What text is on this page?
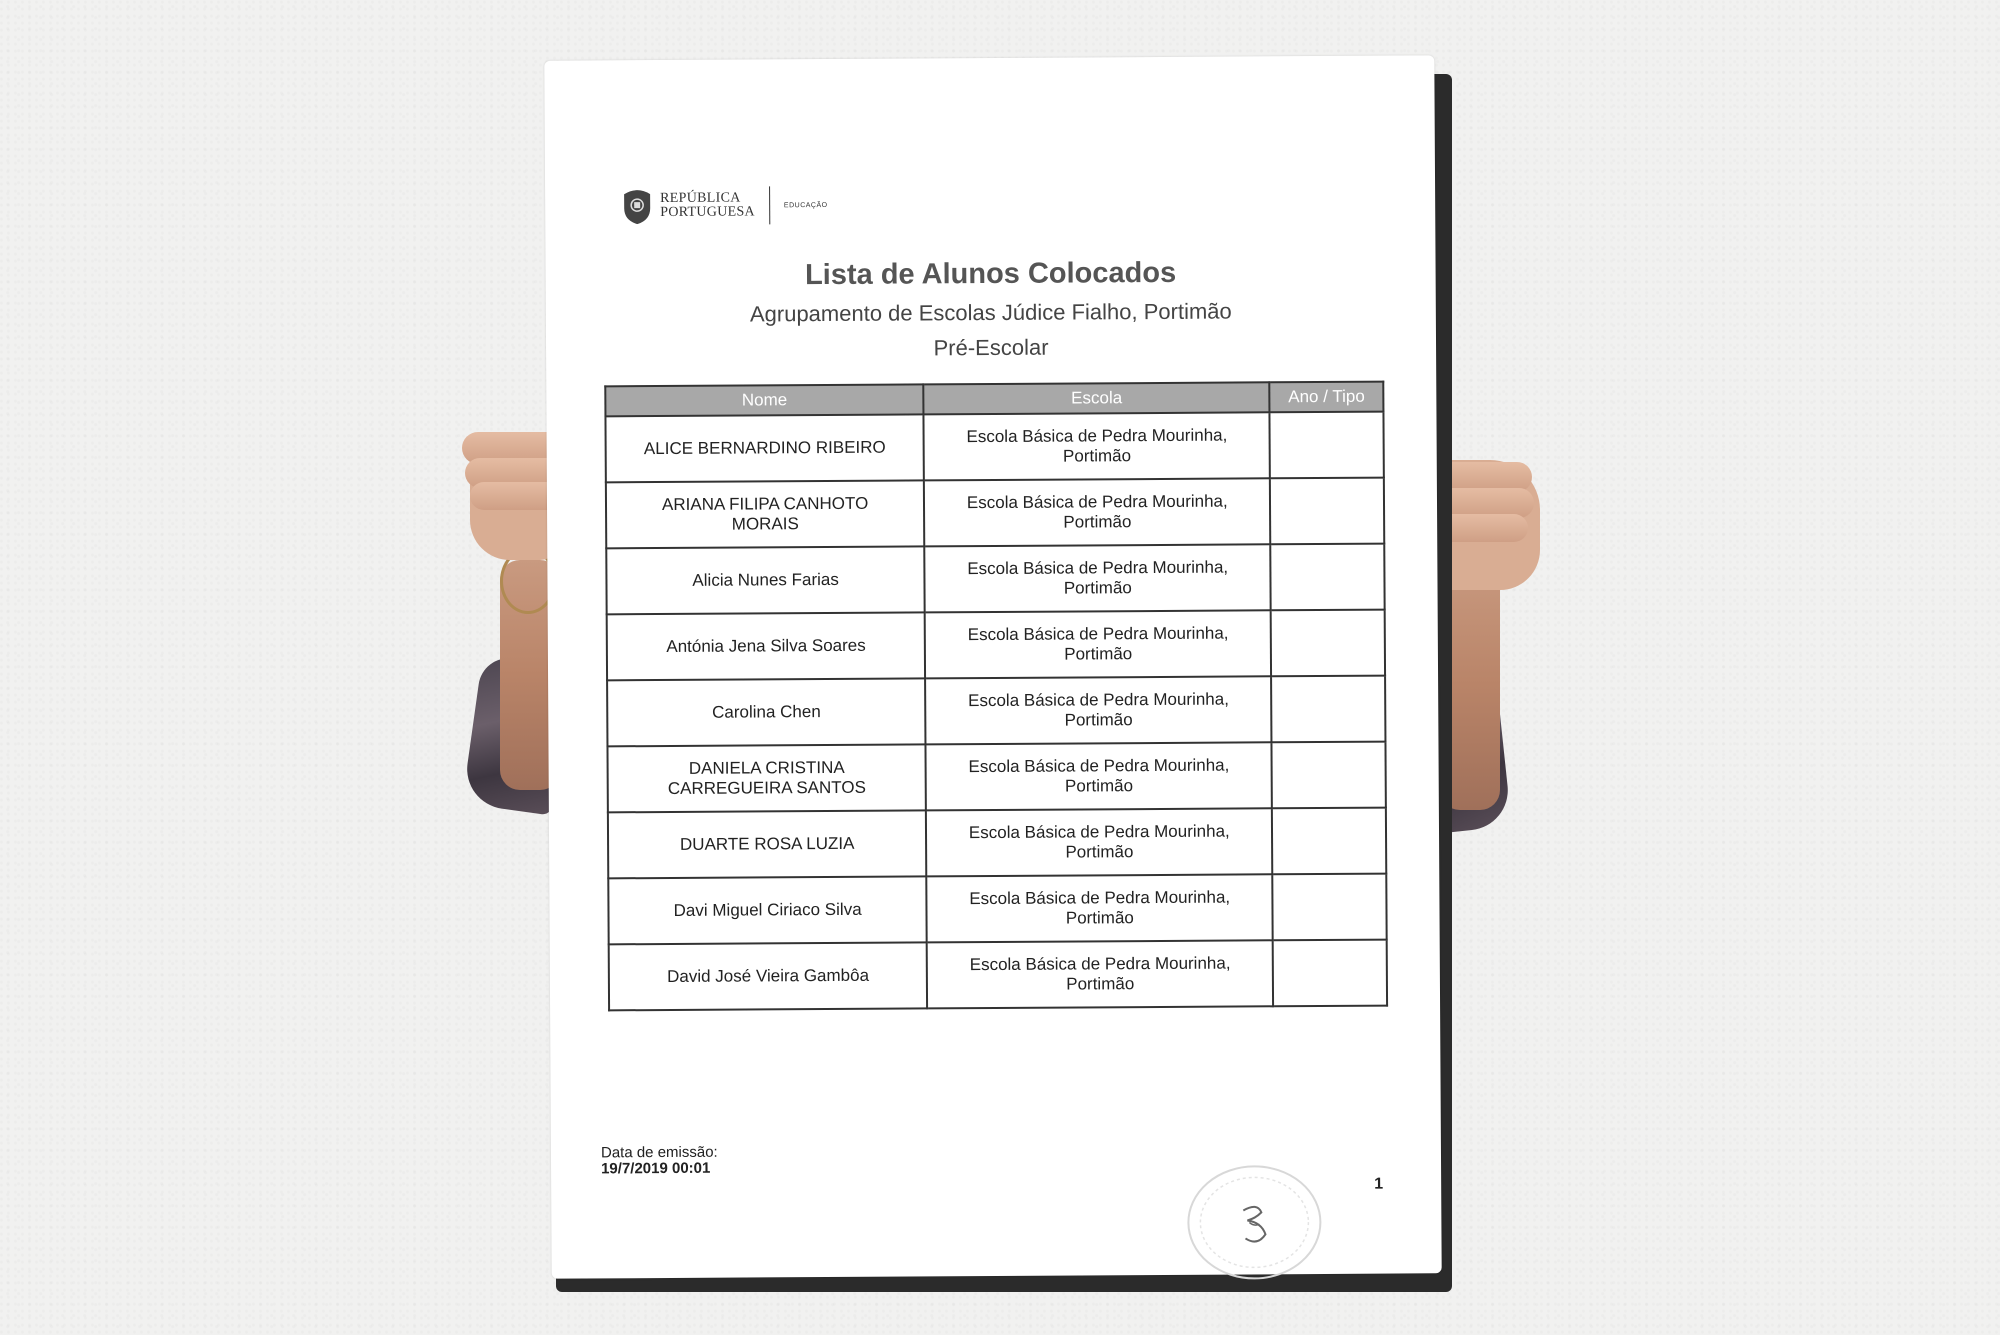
REPÚBLICA
PORTUGUESA	EDUCAÇÃO
Lista de Alunos Colocados
Agrupamento de Escolas Júdice Fialho, Portimão
Pré-Escolar
Nome	Escola	Ano / Tipo
ALICE BERNARDINO RIBEIRO	Escola Básica de Pedra Mourinha, Portimão	
ARIANA FILIPA CANHOTO MORAIS	Escola Básica de Pedra Mourinha, Portimão	
Alicia Nunes Farias	Escola Básica de Pedra Mourinha, Portimão	
Antónia Jena Silva Soares	Escola Básica de Pedra Mourinha, Portimão	
Carolina Chen	Escola Básica de Pedra Mourinha, Portimão	
DANIELA CRISTINA CARREGUEIRA SANTOS	Escola Básica de Pedra Mourinha, Portimão	
DUARTE ROSA LUZIA	Escola Básica de Pedra Mourinha, Portimão	
Davi Miguel Ciriaco Silva	Escola Básica de Pedra Mourinha, Portimão	
David José Vieira Gambôa	Escola Básica de Pedra Mourinha, Portimão	
Data de emissão:
19/7/2019 00:01
1
